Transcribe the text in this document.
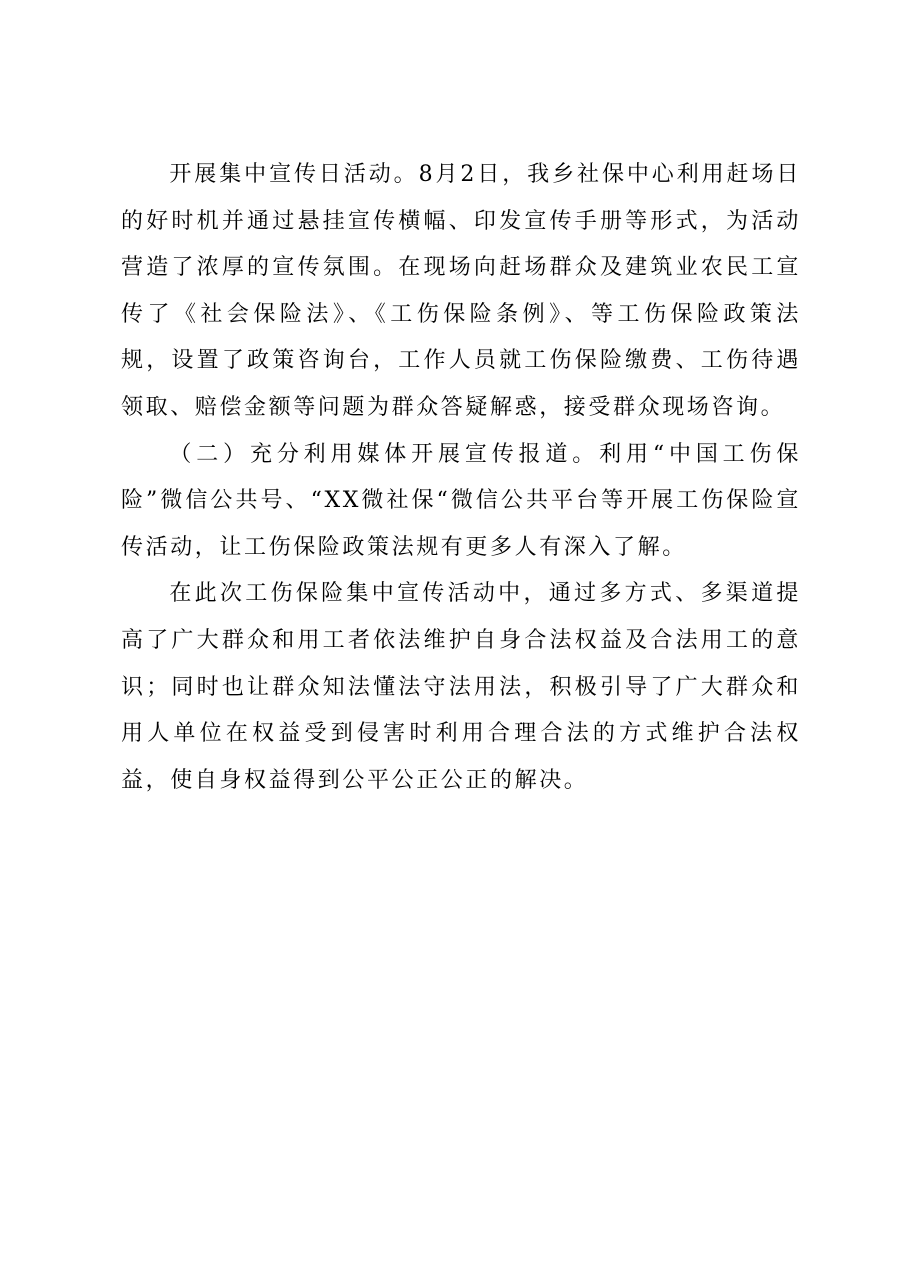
开展集中宣传日活动。8月2日，我乡社保中心利用赶场日的好时机并通过悬挂宣传横幅、印发宣传手册等形式，为活动营造了浓厚的宣传氛围。在现场向赶场群众及建筑业农民工宣传了《社会保险法》、《工伤保险条例》、等工伤保险政策法规，设置了政策咨询台，工作人员就工伤保险缴费、工伤待遇领取、赔偿金额等问题为群众答疑解惑，接受群众现场咨询。

（二）充分利用媒体开展宣传报道。利用“中国工伤保险”微信公共号、“XX微社保“微信公共平台等开展工伤保险宣传活动，让工伤保险政策法规有更多人有深入了解。

在此次工伤保险集中宣传活动中，通过多方式、多渠道提高了广大群众和用工者依法维护自身合法权益及合法用工的意识；同时也让群众知法懂法守法用法，积极引导了广大群众和用人单位在权益受到侵害时利用合理合法的方式维护合法权益，使自身权益得到公平公正公正的解决。
